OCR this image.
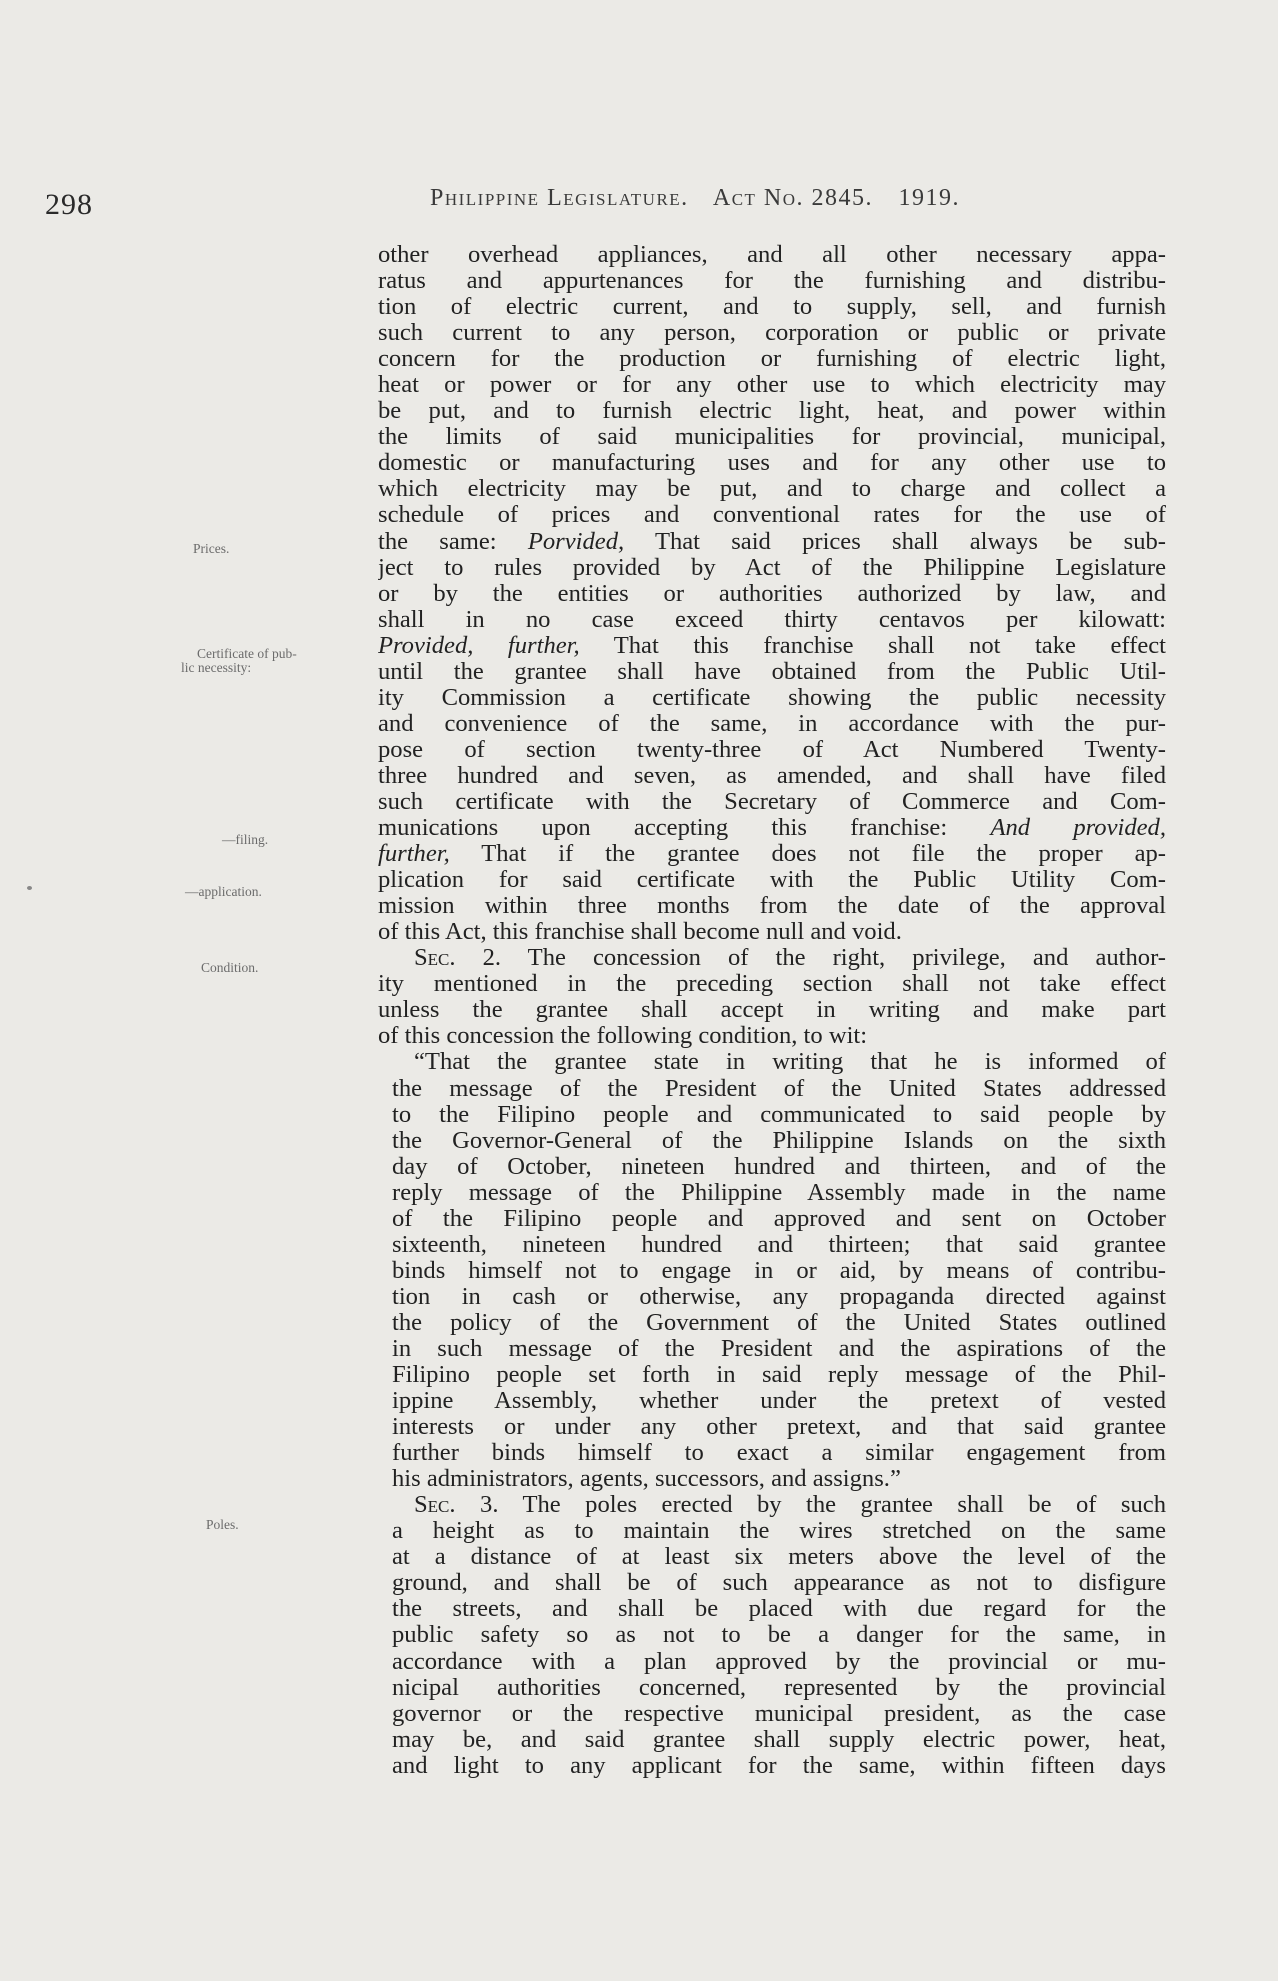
298	Philippine Legislature. Act No. 2845. 1919.
Prices.
Certificate of pub-
lic necessity:
—filing.
—application.
Condition.
Poles.
other overhead appliances, and all other necessary appa-
ratus and appurtenances for the furnishing and distribu-
tion of electric current, and to supply, sell, and furnish
such current to any person, corporation or public or private
concern for the production or furnishing of electric light,
heat or power or for any other use to which electricity may
be put, and to furnish electric light, heat, and power within
the limits of said municipalities for provincial, municipal,
domestic or manufacturing uses and for any other use to
which electricity may be put, and to charge and collect a
schedule of prices and conventional rates for the use of
the same: Porvided, That said prices shall always be sub-
ject to rules provided by Act of the Philippine Legislature
or by the entities or authorities authorized by law, and
shall in no case exceed thirty centavos per kilowatt:
Provided, further, That this franchise shall not take effect
until the grantee shall have obtained from the Public Util-
ity Commission a certificate showing the public necessity
and convenience of the same, in accordance with the pur-
pose of section twenty-three of Act Numbered Twenty-
three hundred and seven, as amended, and shall have filed
such certificate with the Secretary of Commerce and Com-
munications upon accepting this franchise: And provided,
further, That if the grantee does not file the proper ap-
plication for said certificate with the Public Utility Com-
mission within three months from the date of the approval
of this Act, this franchise shall become null and void.
Sec. 2. The concession of the right, privilege, and author-
ity mentioned in the preceding section shall not take effect
unless the grantee shall accept in writing and make part
of this concession the following condition, to wit:
“That the grantee state in writing that he is informed of
the message of the President of the United States addressed
to the Filipino people and communicated to said people by
the Governor-General of the Philippine Islands on the sixth
day of October, nineteen hundred and thirteen, and of the
reply message of the Philippine Assembly made in the name
of the Filipino people and approved and sent on October
sixteenth, nineteen hundred and thirteen; that said grantee
binds himself not to engage in or aid, by means of contribu-
tion in cash or otherwise, any propaganda directed against
the policy of the Government of the United States outlined
in such message of the President and the aspirations of the
Filipino people set forth in said reply message of the Phil-
ippine Assembly, whether under the pretext of vested
interests or under any other pretext, and that said grantee
further binds himself to exact a similar engagement from
his administrators, agents, successors, and assigns.”
Sec. 3. The poles erected by the grantee shall be of such
a height as to maintain the wires stretched on the same
at a distance of at least six meters above the level of the
ground, and shall be of such appearance as not to disfigure
the streets, and shall be placed with due regard for the
public safety so as not to be a danger for the same, in
accordance with a plan approved by the provincial or mu-
nicipal authorities concerned, represented by the provincial
governor or the respective municipal president, as the case
may be, and said grantee shall supply electric power, heat,
and light to any applicant for the same, within fifteen days
